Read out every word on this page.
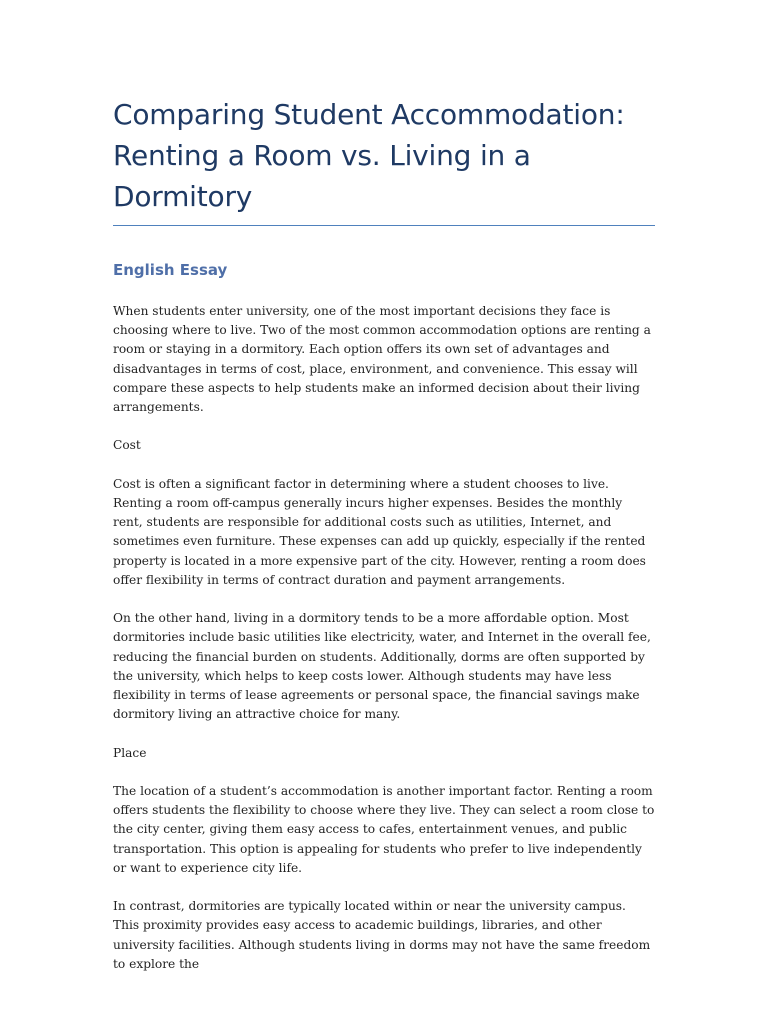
Comparing Student Accommodation: Renting a Room vs. Living in a Dormitory
English Essay

When students enter university, one of the most important decisions they face is choosing where to live. Two of the most common accommodation options are renting a room or staying in a dormitory. Each option offers its own set of advantages and disadvantages in terms of cost, place, environment, and convenience. This essay will compare these aspects to help students make an informed decision about their living arrangements.

Cost

Cost is often a significant factor in determining where a student chooses to live. Renting a room off-campus generally incurs higher expenses. Besides the monthly rent, students are responsible for additional costs such as utilities, Internet, and sometimes even furniture. These expenses can add up quickly, especially if the rented property is located in a more expensive part of the city. However, renting a room does offer flexibility in terms of contract duration and payment arrangements.

On the other hand, living in a dormitory tends to be a more affordable option. Most dormitories include basic utilities like electricity, water, and Internet in the overall fee, reducing the financial burden on students. Additionally, dorms are often supported by the university, which helps to keep costs lower. Although students may have less flexibility in terms of lease agreements or personal space, the financial savings make dormitory living an attractive choice for many.

Place

The location of a student’s accommodation is another important factor. Renting a room offers students the flexibility to choose where they live. They can select a room close to the city center, giving them easy access to cafes, entertainment venues, and public transportation. This option is appealing for students who prefer to live independently or want to experience city life.

In contrast, dormitories are typically located within or near the university campus. This proximity provides easy access to academic buildings, libraries, and other university facilities. Although students living in dorms may not have the same freedom to explore the
